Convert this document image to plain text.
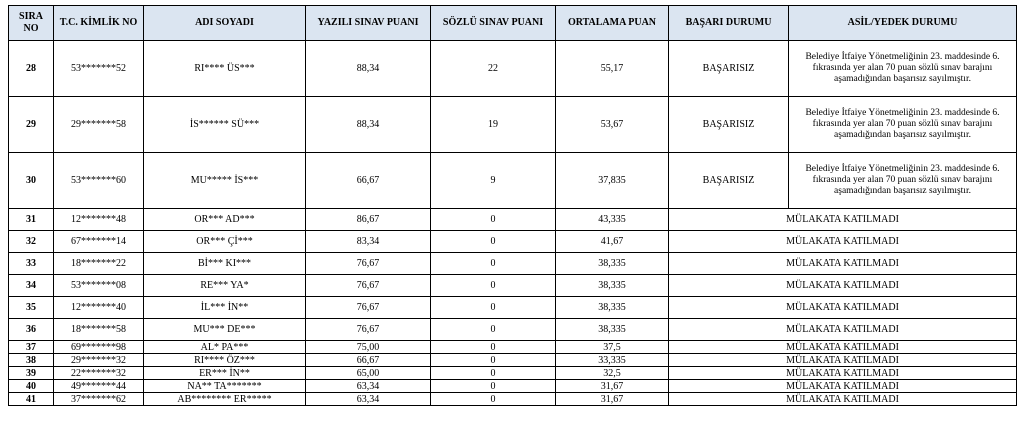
SIRA NO	T.C. KİMLİK NO	ADI SOYADI	YAZILI SINAV PUANI	SÖZLÜ SINAV PUANI	ORTALAMA PUAN	BAŞARI DURUMU	ASİL/YEDEK DURUMU
28	53*******52	RI**** ÜS***	88,34	22	55,17	BAŞARISIZ	Belediye İtfaiye Yönetmeliğinin 23. maddesinde 6. fıkrasında yer alan 70 puan sözlü sınav barajını aşamadığından başarısız sayılmıştır.
29	29*******58	İS****** SÜ***	88,34	19	53,67	BAŞARISIZ	Belediye İtfaiye Yönetmeliğinin 23. maddesinde 6. fıkrasında yer alan 70 puan sözlü sınav barajını aşamadığından başarısız sayılmıştır.
30	53*******60	MU***** İS***	66,67	9	37,835	BAŞARISIZ	Belediye İtfaiye Yönetmeliğinin 23. maddesinde 6. fıkrasında yer alan 70 puan sözlü sınav barajını aşamadığından başarısız sayılmıştır.
31	12*******48	OR*** AD***	86,67	0	43,335	MÜLAKATA KATILMADI	
32	67*******14	OR*** Çİ***	83,34	0	41,67	MÜLAKATA KATILMADI	
33	18*******22	Bİ*** KI***	76,67	0	38,335	MÜLAKATA KATILMADI	
34	53*******08	RE*** YA*	76,67	0	38,335	MÜLAKATA KATILMADI	
35	12*******40	İL*** İN**	76,67	0	38,335	MÜLAKATA KATILMADI	
36	18*******58	MU*** DE***	76,67	0	38,335	MÜLAKATA KATILMADI	
37	69*******98	AL* PA***	75,00	0	37,5	MÜLAKATA KATILMADI	
38	29*******32	RI**** ÖZ***	66,67	0	33,335	MÜLAKATA KATILMADI	
39	22*******32	ER*** İN**	65,00	0	32,5	MÜLAKATA KATILMADI	
40	49*******44	NA** TA*******	63,34	0	31,67	MÜLAKATA KATILMADI	
41	37*******62	AB******** ER*****	63,34	0	31,67	MÜLAKATA KATILMADI	
